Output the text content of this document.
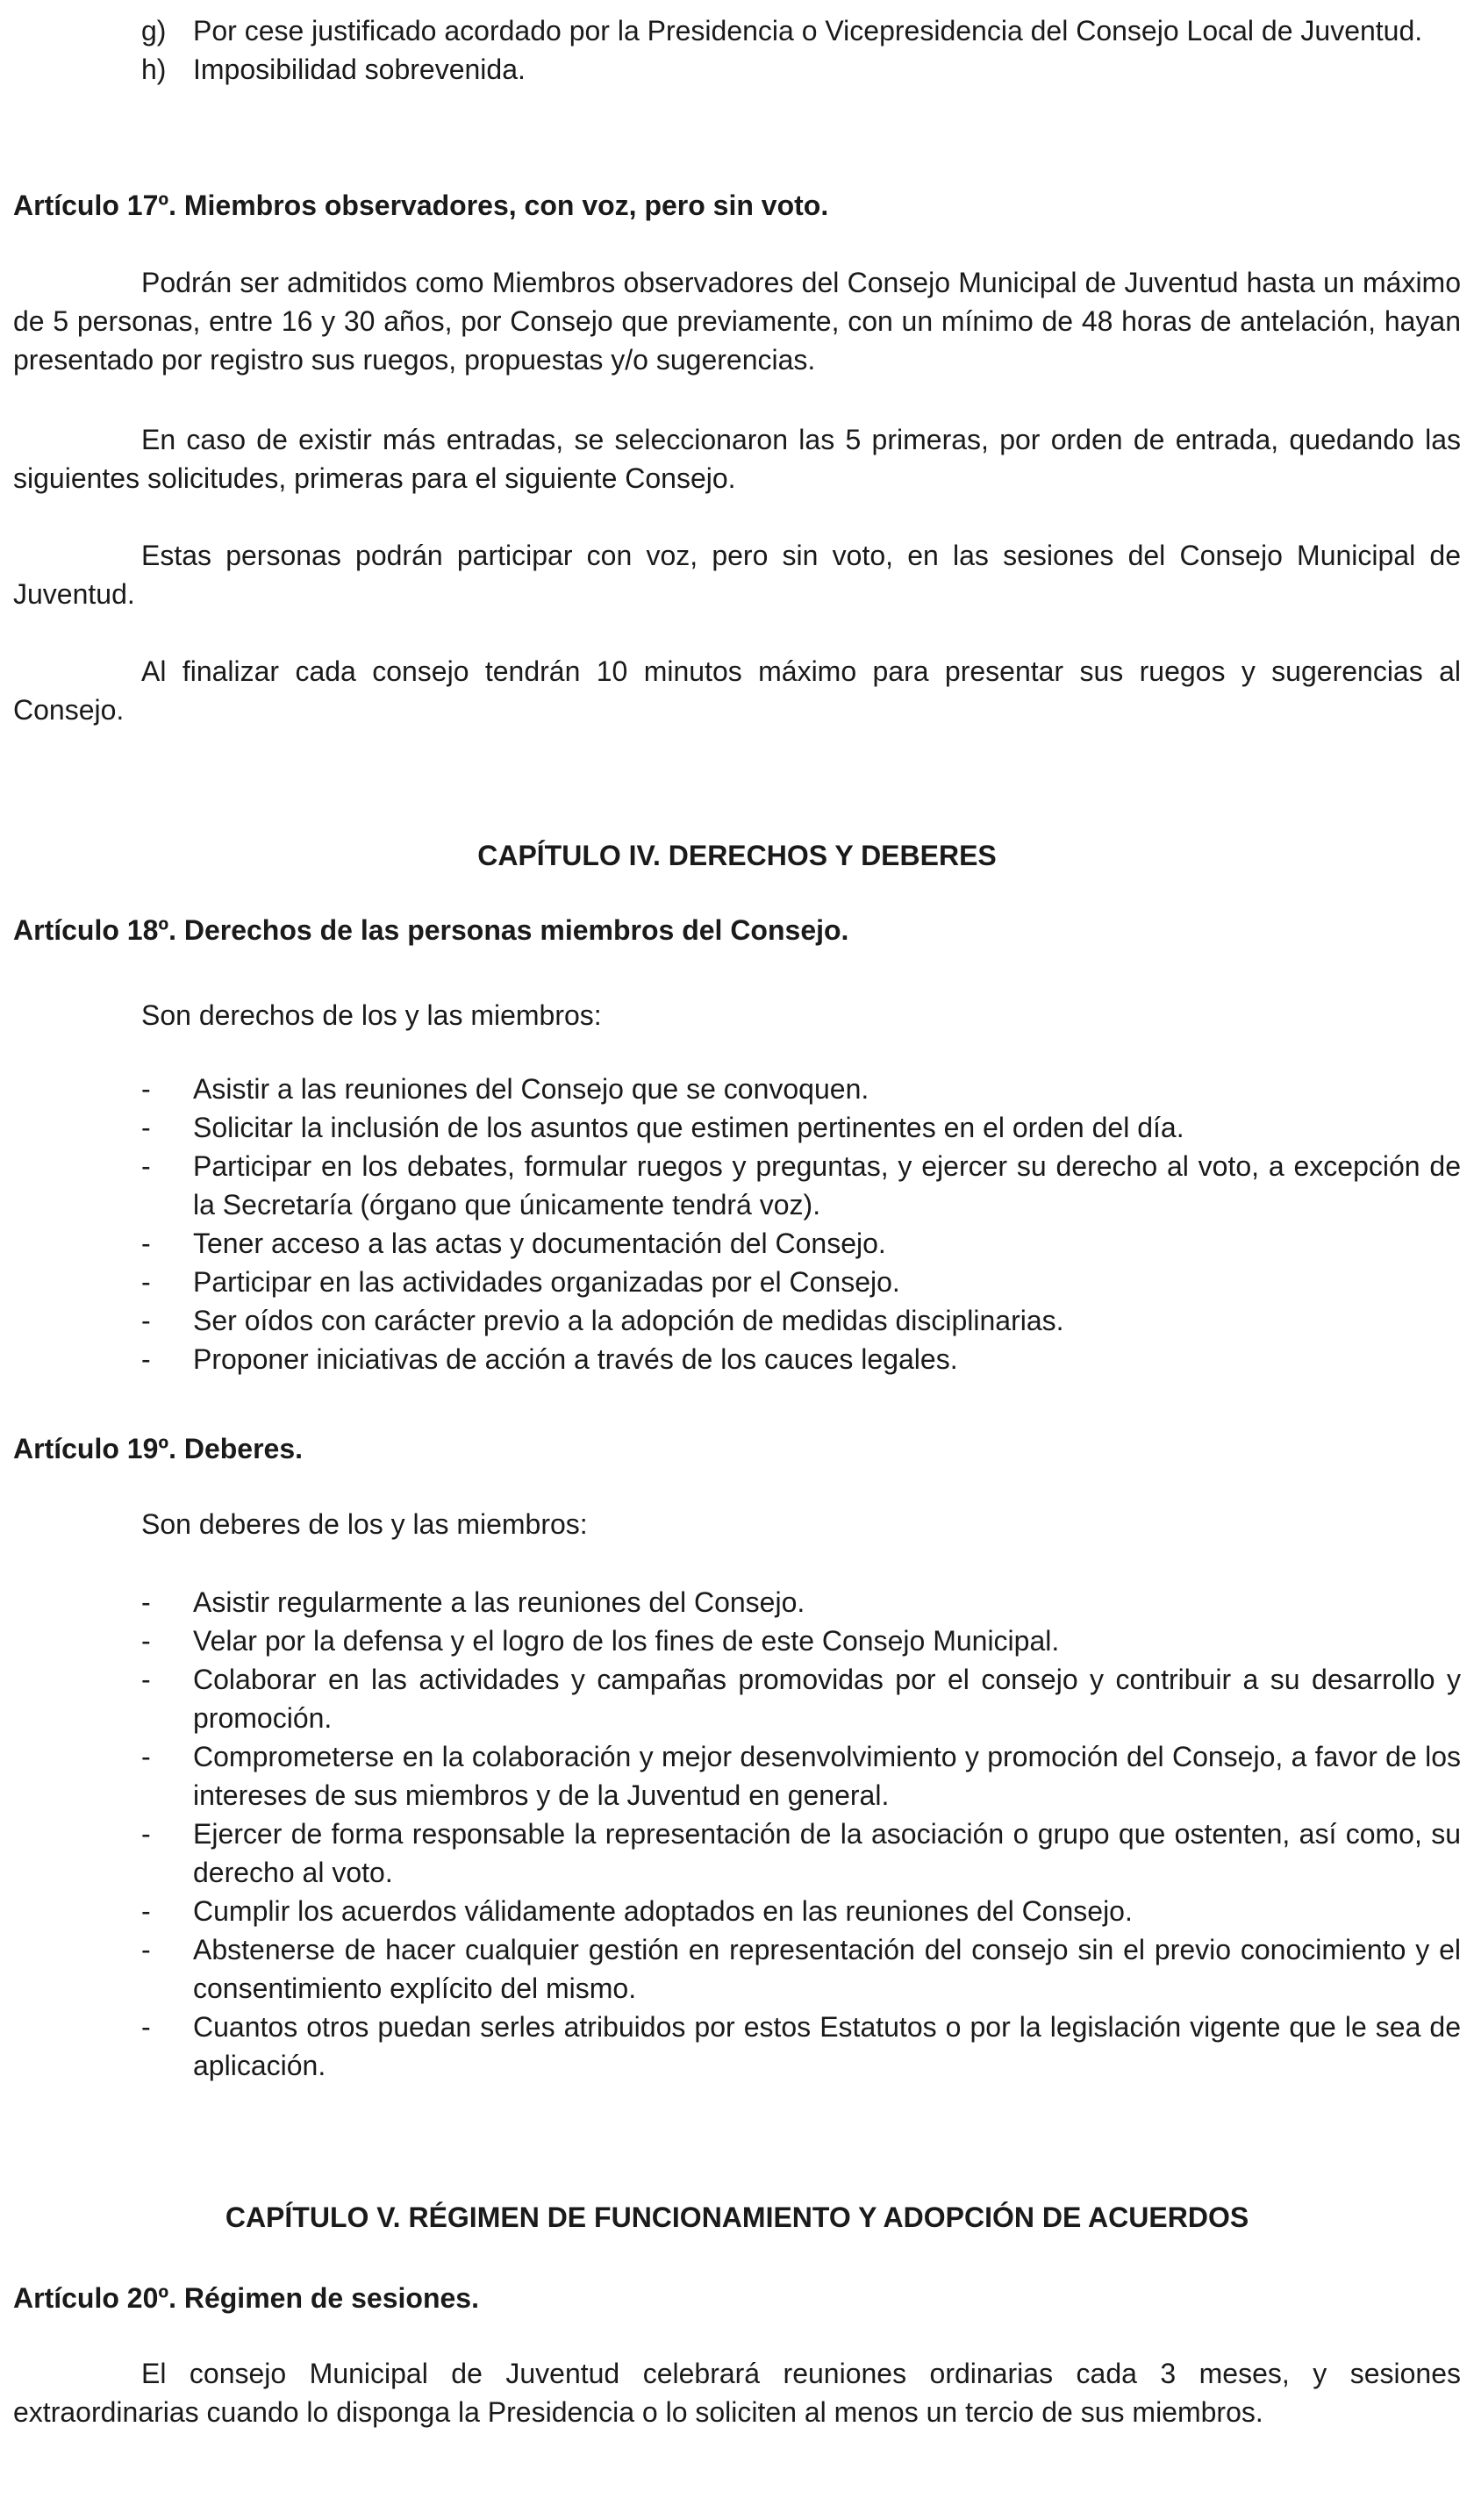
g) Por cese justificado acordado por la Presidencia o Vicepresidencia del Consejo Local de Juventud.
h) Imposibilidad sobrevenida.
Artículo 17º. Miembros observadores, con voz, pero sin voto.
Podrán ser admitidos como Miembros observadores del Consejo Municipal de Juventud hasta un máximo de 5 personas, entre 16 y 30 años, por Consejo que previamente, con un mínimo de 48 horas de antelación, hayan presentado por registro sus ruegos, propuestas y/o sugerencias.
En caso de existir más entradas, se seleccionaron las 5 primeras, por orden de entrada, quedando las siguientes solicitudes, primeras para el siguiente Consejo.
Estas personas podrán participar con voz, pero sin voto, en las sesiones del Consejo Municipal de Juventud.
Al finalizar cada consejo tendrán 10 minutos máximo para presentar sus ruegos y sugerencias al Consejo.
CAPÍTULO IV. DERECHOS Y DEBERES
Artículo 18º. Derechos de las personas miembros del Consejo.
Son derechos de los y las miembros:
- Asistir a las reuniones del Consejo que se convoquen.
- Solicitar la inclusión de los asuntos que estimen pertinentes en el orden del día.
- Participar en los debates, formular ruegos y preguntas, y ejercer su derecho al voto, a excepción de la Secretaría (órgano que únicamente tendrá voz).
- Tener acceso a las actas y documentación del Consejo.
- Participar en las actividades organizadas por el Consejo.
- Ser oídos con carácter previo a la adopción de medidas disciplinarias.
- Proponer iniciativas de acción a través de los cauces legales.
Artículo 19º. Deberes.
Son deberes de los y las miembros:
- Asistir regularmente a las reuniones del Consejo.
- Velar por la defensa y el logro de los fines de este Consejo Municipal.
- Colaborar en las actividades y campañas promovidas por el consejo y contribuir a su desarrollo y promoción.
- Comprometerse en la colaboración y mejor desenvolvimiento y promoción del Consejo, a favor de los intereses de sus miembros y de la Juventud en general.
- Ejercer de forma responsable la representación de la asociación o grupo que ostenten, así como, su derecho al voto.
- Cumplir los acuerdos válidamente adoptados en las reuniones del Consejo.
- Abstenerse de hacer cualquier gestión en representación del consejo sin el previo conocimiento y el consentimiento explícito del mismo.
- Cuantos otros puedan serles atribuidos por estos Estatutos o por la legislación vigente que le sea de aplicación.
CAPÍTULO V. RÉGIMEN DE FUNCIONAMIENTO Y ADOPCIÓN DE ACUERDOS
Artículo 20º. Régimen de sesiones.
El consejo Municipal de Juventud celebrará reuniones ordinarias cada 3 meses, y sesiones extraordinarias cuando lo disponga la Presidencia o lo soliciten al menos un tercio de sus miembros.
